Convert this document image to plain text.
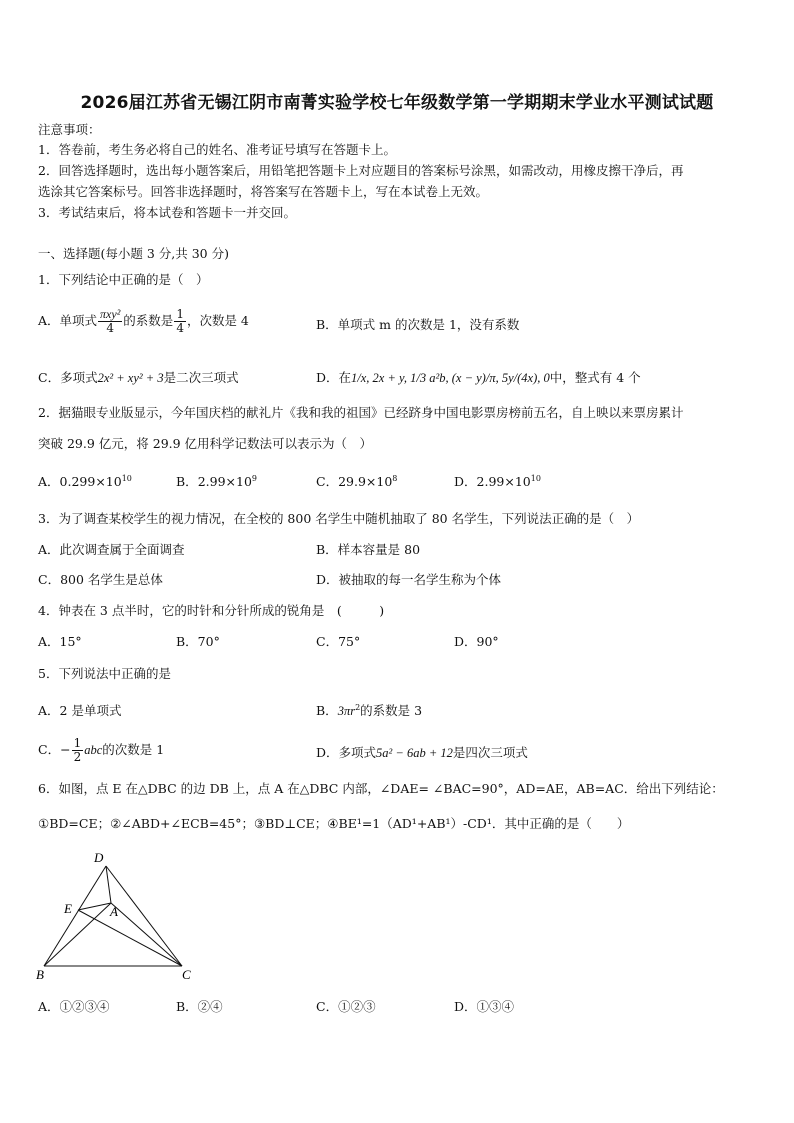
2026届江苏省无锡江阴市南菁实验学校七年级数学第一学期期末学业水平测试试题
注意事项：
1．答卷前，考生务必将自己的姓名、准考证号填写在答题卡上。
2．回答选择题时，选出每小题答案后，用铅笔把答题卡上对应题目的答案标号涂黑，如需改动，用橡皮擦干净后，再
选涂其它答案标号。回答非选择题时，将答案写在答题卡上，写在本试卷上无效。
3．考试结束后，将本试卷和答题卡一并交回。
一、选择题(每小题 3 分,共 30 分)
1．下列结论中正确的是（　）
A．单项式 $\frac{\text{πxy²}}{4}$ 的系数是 $\frac{1}{4}$ ，次数是 4	B．单项式 m 的次数是 1，没有系数
C．多项式2x² + xy² + 3是二次三项式	D．在1/x, 2x + y, 1/3 a²b, (x − y)/π, 5y/(4x), 0中，整式有 4 个
2．据猫眼专业版显示，今年国庆档的献礼片《我和我的祖国》已经跻身中国电影票房榜前五名，自上映以来票房累计
突破 29.9 亿元，将 29.9 亿用科学记数法可以表示为（　）
A．$0.299\times 10^{10}$	B．$2.99\times 10^9$	C．$29.9\times 10^8$	D．$2.99\times 10^{10}$
3．为了调查某校学生的视力情况，在全校的 800 名学生中随机抽取了 80 名学生，下列说法正确的是（　）
A．此次调查属于全面调查	B．样本容量是 80
C．800 名学生是总体	D．被抽取的每一名学生称为个体
4．钟表在 3 点半时，它的时针和分针所成的锐角是　(　　　)
A．15°	B．70°	C．75°	D．90°
5．下列说法中正确的是
A．2 是单项式	B．$3\pi r^2$的系数是 3
C．− $\frac{1}{2}$ abc的次数是 1	D．多项式5a² − 6ab + 12是四次三项式
6．如图，点 E 在△DBC 的边 DB 上，点 A 在△DBC 内部，∠DAE= ∠BAC=90°，AD=AE，AB=AC．给出下列结论：
①BD=CE；②∠ABD+∠ECB=45°；③BD⊥CE；④BE¹=1（AD¹+AB¹）-CD¹．其中正确的是（　　）
D
E	A
B	C
A．①②③④	B．②④	C．①②③	D．①③④
